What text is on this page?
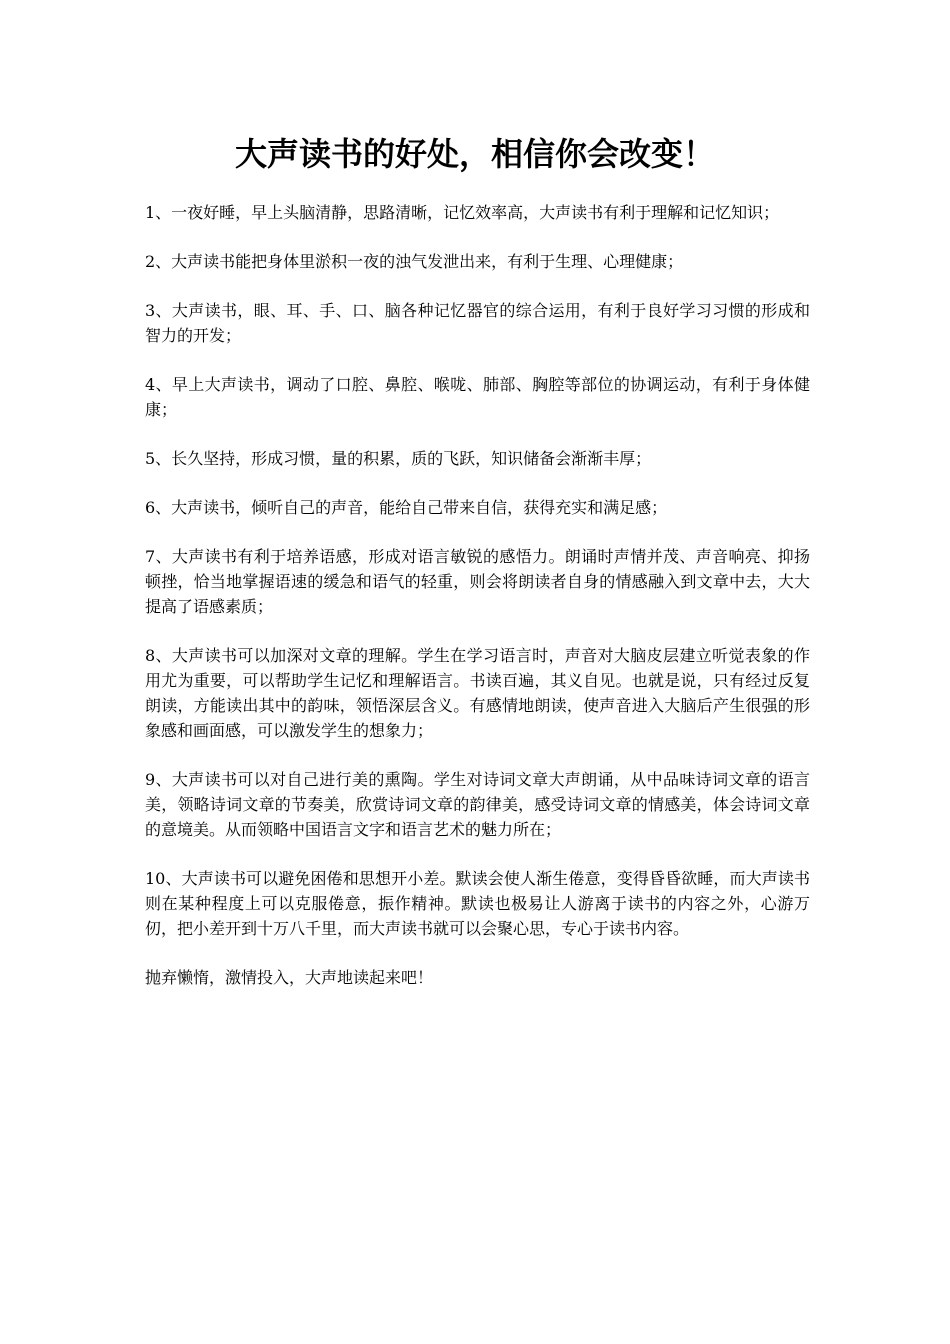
大声读书的好处，相信你会改变！

1、一夜好睡，早上头脑清静，思路清晰，记忆效率高，大声读书有利于理解和记忆知识；

2、大声读书能把身体里淤积一夜的浊气发泄出来，有利于生理、心理健康；

3、大声读书，眼、耳、手、口、脑各种记忆器官的综合运用，有利于良好学习习惯的形成和智力的开发；

4、早上大声读书，调动了口腔、鼻腔、喉咙、肺部、胸腔等部位的协调运动，有利于身体健康；

5、长久坚持，形成习惯，量的积累，质的飞跃，知识储备会渐渐丰厚；

6、大声读书，倾听自己的声音，能给自己带来自信，获得充实和满足感；

7、大声读书有利于培养语感，形成对语言敏锐的感悟力。朗诵时声情并茂、声音响亮、抑扬顿挫，恰当地掌握语速的缓急和语气的轻重，则会将朗读者自身的情感融入到文章中去，大大提高了语感素质；

8、大声读书可以加深对文章的理解。学生在学习语言时，声音对大脑皮层建立听觉表象的作用尤为重要，可以帮助学生记忆和理解语言。书读百遍，其义自见。也就是说，只有经过反复朗读，方能读出其中的韵味，领悟深层含义。有感情地朗读，使声音进入大脑后产生很强的形象感和画面感，可以激发学生的想象力；

9、大声读书可以对自己进行美的熏陶。学生对诗词文章大声朗诵，从中品味诗词文章的语言美，领略诗词文章的节奏美，欣赏诗词文章的韵律美，感受诗词文章的情感美，体会诗词文章的意境美。从而领略中国语言文字和语言艺术的魅力所在；

10、大声读书可以避免困倦和思想开小差。默读会使人渐生倦意，变得昏昏欲睡，而大声读书则在某种程度上可以克服倦意，振作精神。默读也极易让人游离于读书的内容之外，心游万仞，把小差开到十万八千里，而大声读书就可以会聚心思，专心于读书内容。

抛弃懒惰，激情投入，大声地读起来吧！
